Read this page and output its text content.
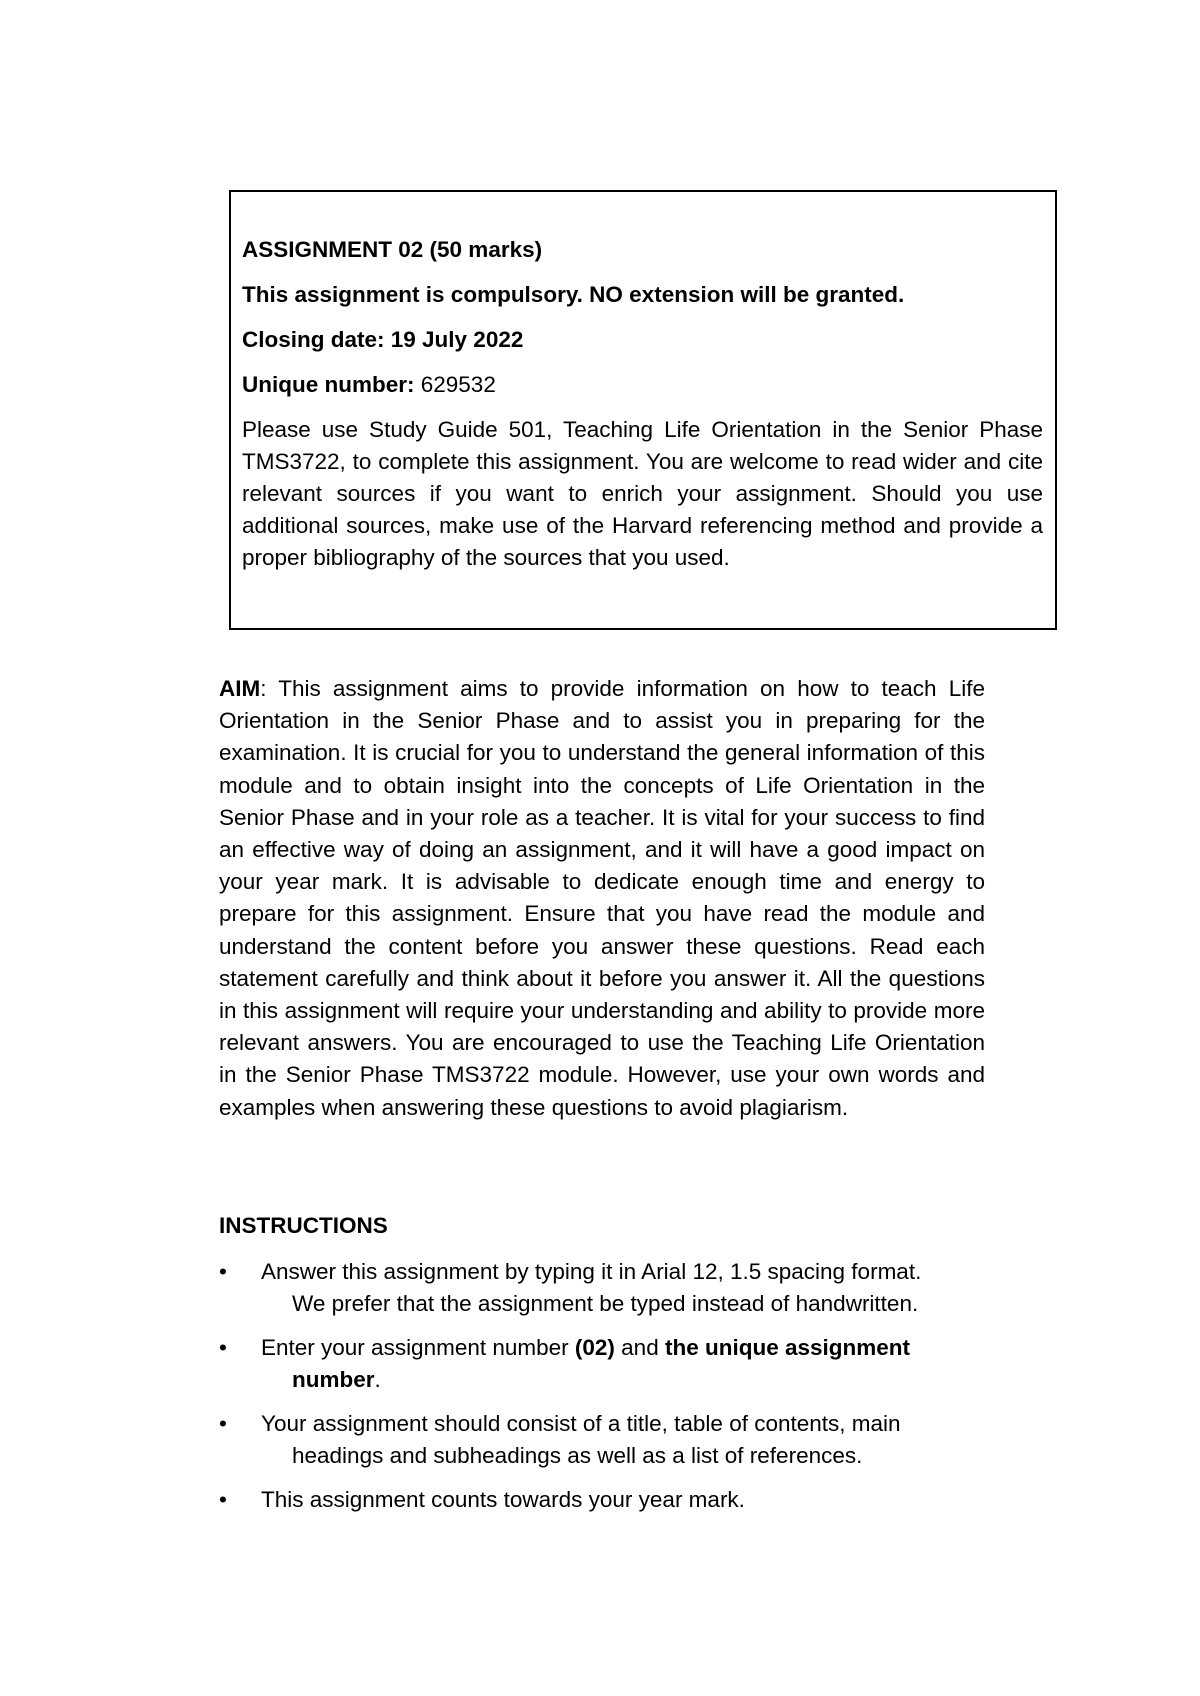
ASSIGNMENT 02 (50 marks)

This assignment is compulsory. NO extension will be granted.

Closing date: 19 July 2022

Unique number: 629532

Please use Study Guide 501, Teaching Life Orientation in the Senior Phase TMS3722, to complete this assignment. You are welcome to read wider and cite relevant sources if you want to enrich your assignment. Should you use additional sources, make use of the Harvard referencing method and provide a proper bibliography of the sources that you used.

AIM: This assignment aims to provide information on how to teach Life Orientation in the Senior Phase and to assist you in preparing for the examination. It is crucial for you to understand the general information of this module and to obtain insight into the concepts of Life Orientation in the Senior Phase and in your role as a teacher. It is vital for your success to find an effective way of doing an assignment, and it will have a good impact on your year mark. It is advisable to dedicate enough time and energy to prepare for this assignment. Ensure that you have read the module and understand the content before you answer these questions. Read each statement carefully and think about it before you answer it. All the questions in this assignment will require your understanding and ability to provide more relevant answers. You are encouraged to use the Teaching Life Orientation in the Senior Phase TMS3722 module. However, use your own words and examples when answering these questions to avoid plagiarism.

INSTRUCTIONS

•	Answer this assignment by typing it in Arial 12, 1.5 spacing format.
We prefer that the assignment be typed instead of handwritten.
•	Enter your assignment number (02) and the unique assignment
number.
•	Your assignment should consist of a title, table of contents, main
headings and subheadings as well as a list of references.
•	This assignment counts towards your year mark.
